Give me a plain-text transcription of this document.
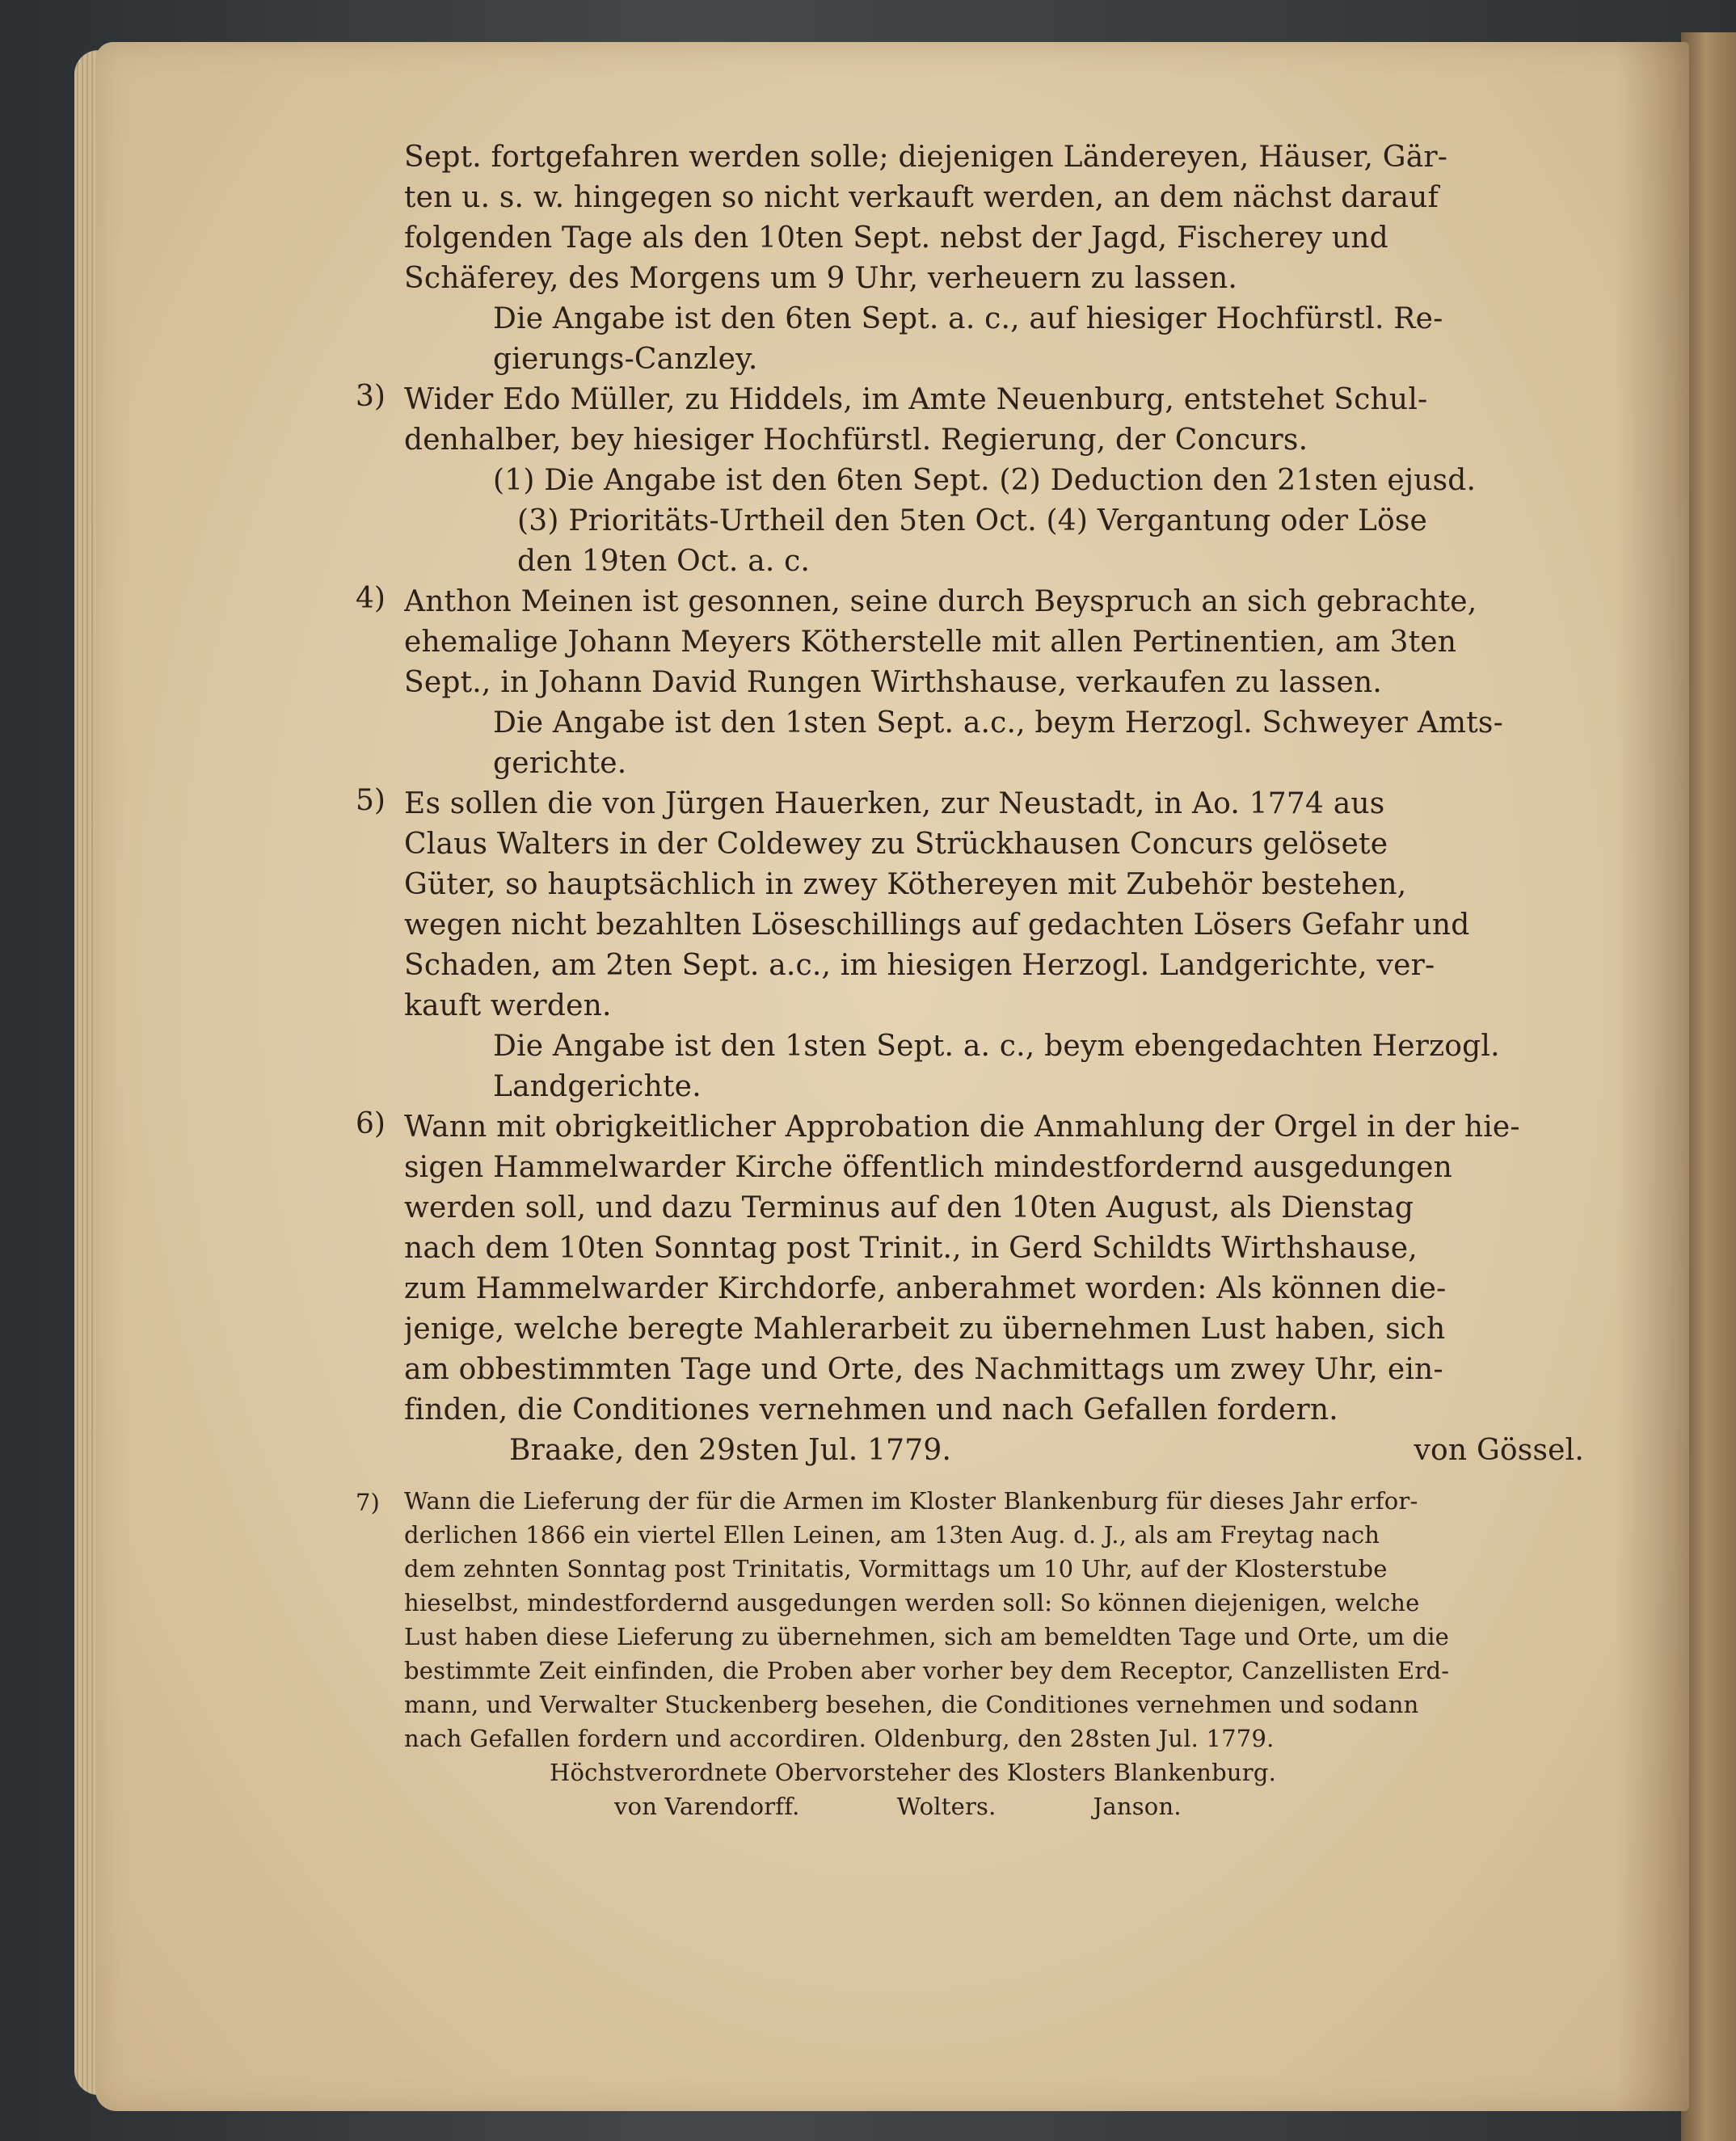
Sept. fortgefahren werden solle; diejenigen Ländereyen, Häuser, Gär-
ten u. s. w. hingegen so nicht verkauft werden, an dem nächst darauf
folgenden Tage als den 10ten Sept. nebst der Jagd, Fischerey und
Schäferey, des Morgens um 9 Uhr, verheuern zu lassen.
Die Angabe ist den 6ten Sept. a. c., auf hiesiger Hochfürstl. Re-
gierungs-Canzley.
3) Wider Edo Müller, zu Hiddels, im Amte Neuenburg, entstehet Schul-
denhalber, bey hiesiger Hochfürstl. Regierung, der Concurs.
(1) Die Angabe ist den 6ten Sept. (2) Deduction den 21sten ejusd.
(3) Prioritäts-Urtheil den 5ten Oct. (4) Vergantung oder Löse
den 19ten Oct. a. c.
4) Anthon Meinen ist gesonnen, seine durch Beyspruch an sich gebrachte,
ehemalige Johann Meyers Kötherstelle mit allen Pertinentien, am 3ten
Sept., in Johann David Rungen Wirthshause, verkaufen zu lassen.
Die Angabe ist den 1sten Sept. a.c., beym Herzogl. Schweyer Amts-
gerichte.
5) Es sollen die von Jürgen Hauerken, zur Neustadt, in Ao. 1774 aus
Claus Walters in der Coldewey zu Strückhausen Concurs gelösete
Güter, so hauptsächlich in zwey Köthereyen mit Zubehör bestehen,
wegen nicht bezahlten Löseschillings auf gedachten Lösers Gefahr und
Schaden, am 2ten Sept. a.c., im hiesigen Herzogl. Landgerichte, ver-
kauft werden.
Die Angabe ist den 1sten Sept. a. c., beym ebengedachten Herzogl.
Landgerichte.
6) Wann mit obrigkeitlicher Approbation die Anmahlung der Orgel in der hie-
sigen Hammelwarder Kirche öffentlich mindestfordernd ausgedungen
werden soll, und dazu Terminus auf den 10ten August, als Dienstag
nach dem 10ten Sonntag post Trinit., in Gerd Schildts Wirthshause,
zum Hammelwarder Kirchdorfe, anberahmet worden: Als können die-
jenige, welche beregte Mahlerarbeit zu übernehmen Lust haben, sich
am obbestimmten Tage und Orte, des Nachmittags um zwey Uhr, ein-
finden, die Conditiones vernehmen und nach Gefallen fordern.
Braake, den 29sten Jul. 1779.	von Gössel.
7) Wann die Lieferung der für die Armen im Kloster Blankenburg für dieses Jahr erfor-
derlichen 1866 ein viertel Ellen Leinen, am 13ten Aug. d. J., als am Freytag nach
dem zehnten Sonntag post Trinitatis, Vormittags um 10 Uhr, auf der Klosterstube
hieselbst, mindestfordernd ausgedungen werden soll: So können diejenigen, welche
Lust haben diese Lieferung zu übernehmen, sich am bemeldten Tage und Orte, um die
bestimmte Zeit einfinden, die Proben aber vorher bey dem Receptor, Canzellisten Erd-
mann, und Verwalter Stuckenberg besehen, die Conditiones vernehmen und sodann
nach Gefallen fordern und accordiren. Oldenburg, den 28sten Jul. 1779.
Höchstverordnete Obervorsteher des Klosters Blankenburg.
von Varendorff.	Wolters.	Janson.
